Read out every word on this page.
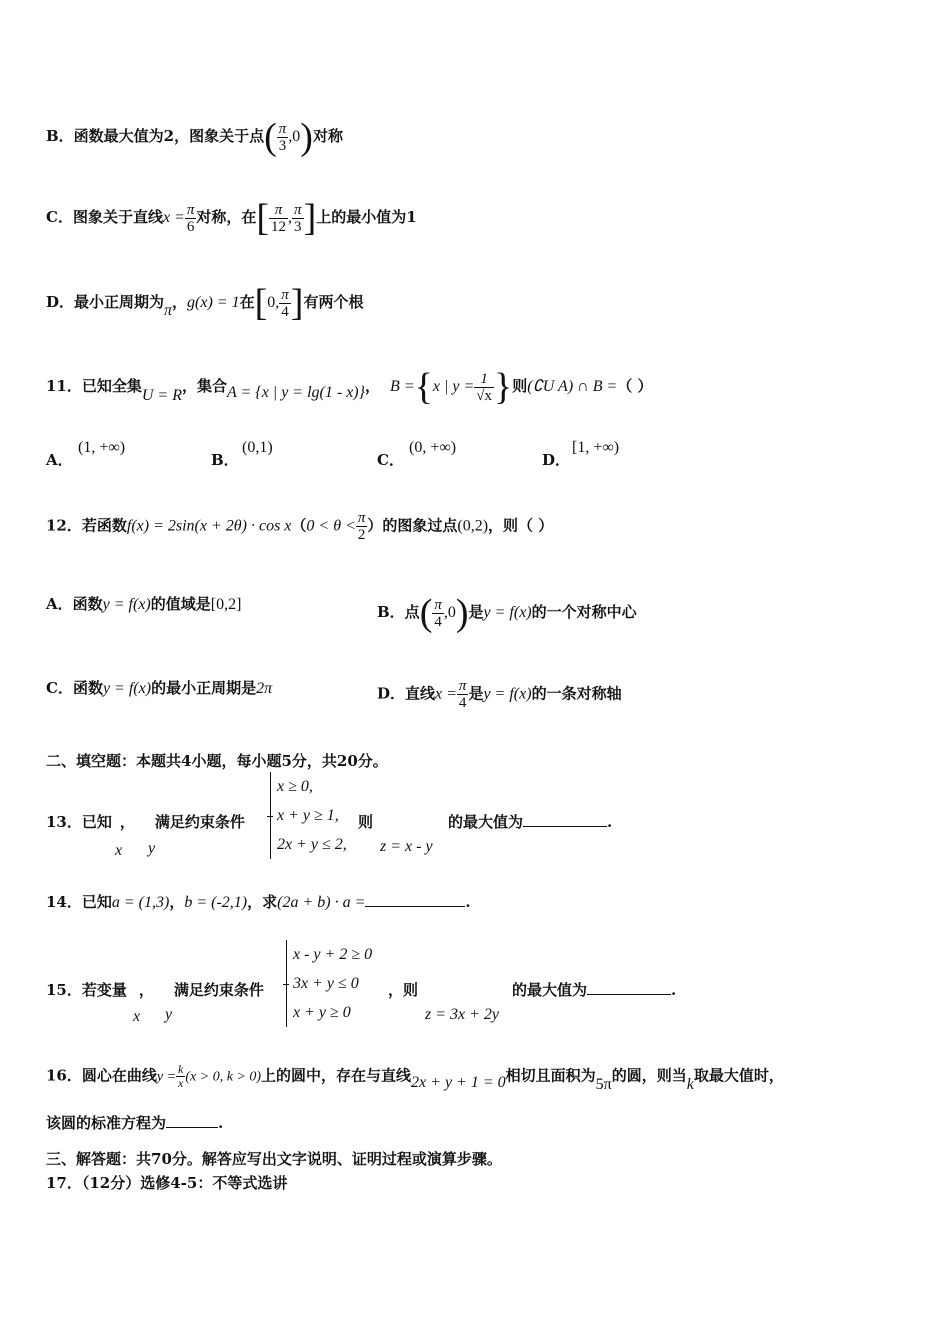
B．函数最大值为2，图象关于点( $\frac{\pi}{3} ,0$)对称
C．图象关于直线$x = \frac{\pi}{6}$ 对称，在[ $\frac{\pi}{12}$ , $\frac{\pi}{3}$ ]上的最小值为1
D．最小正周期为π，g(x) = 1在[0, $\frac{\pi}{4}$ ]有两个根
11．已知全集U = R，集合A = {x | y = lg(1 - x)}， B ={x | $y = \frac{1}{√x}$ }则(∁U A) ∩ B =（ ）
A．
(1, +∞)
B．
(0,1)
C．
(0, +∞)
D．
[1, +∞)
12．若函数$f(x) = 2\sin(x + 2\theta) \cdot \cos x(0 < \theta < \frac{\pi}{2}$ ）的图象过点(0,2)，则（ ）
A．函数y = f(x)的值域是[0,2]	B．点( $\frac{\pi}{4} ,0$)是y = f(x)的一个对称中心
C．函数y = f(x)的最小正周期是2π	D．直线$x = \frac{\pi}{4}$ 是y = f(x)的一条对称轴
二、填空题：本题共4小题，每小题5分，共20分。
13．已知 ， 满足约束条件
x y
x ≥ 0,
x + y ≥ 1,
2x + y ≤ 2,
则
z = x - y
的最大值为	.
14．已知a = (1,3)，b = (-2,1)，求(2a + b) · a =	.
15．若变量 ， 满足约束条件
x y
x - y + 2 ≥ 0
3x + y ≤ 0
x + y ≥ 0
，则
z = 3x + 2y
的最大值为	.
16．圆心在曲线$y = \frac{k}{x} (x > 0$, k > 0)上的圆中，存在与直线2x + y + 1 = 0相切且面积为5π的圆，则当k取最大值时，
该圆的标准方程为	.
三、解答题：共70分。解答应写出文字说明、证明过程或演算步骤。
17．（12分）选修4-5：不等式选讲
